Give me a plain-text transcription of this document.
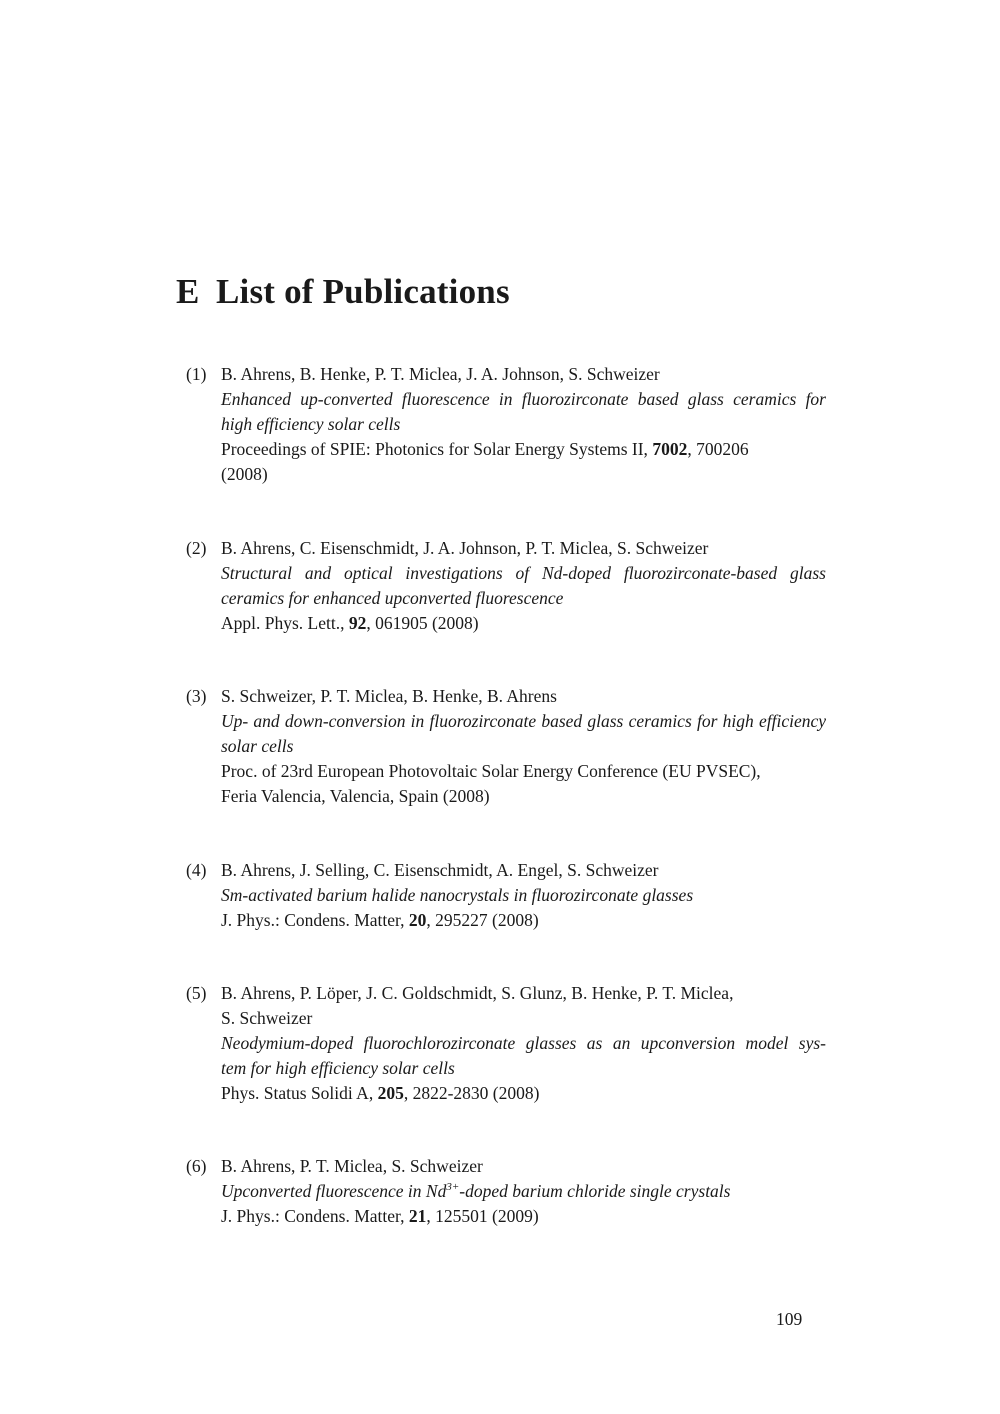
E List of Publications
(1) B. Ahrens, B. Henke, P. T. Miclea, J. A. Johnson, S. Schweizer
Enhanced up-converted fluorescence in fluorozirconate based glass ceramics for
high efficiency solar cells
Proceedings of SPIE: Photonics for Solar Energy Systems II, 7002, 700206
(2008)
(2) B. Ahrens, C. Eisenschmidt, J. A. Johnson, P. T. Miclea, S. Schweizer
Structural and optical investigations of Nd-doped fluorozirconate-based glass
ceramics for enhanced upconverted fluorescence
Appl. Phys. Lett., 92, 061905 (2008)
(3) S. Schweizer, P. T. Miclea, B. Henke, B. Ahrens
Up- and down-conversion in fluorozirconate based glass ceramics for high efficiency
solar cells
Proc. of 23rd European Photovoltaic Solar Energy Conference (EU PVSEC),
Feria Valencia, Valencia, Spain (2008)
(4) B. Ahrens, J. Selling, C. Eisenschmidt, A. Engel, S. Schweizer
Sm-activated barium halide nanocrystals in fluorozirconate glasses
J. Phys.: Condens. Matter, 20, 295227 (2008)
(5) B. Ahrens, P. Löper, J. C. Goldschmidt, S. Glunz, B. Henke, P. T. Miclea,
S. Schweizer
Neodymium-doped fluorochlorozirconate glasses as an upconversion model sys-
tem for high efficiency solar cells
Phys. Status Solidi A, 205, 2822-2830 (2008)
(6) B. Ahrens, P. T. Miclea, S. Schweizer
Upconverted fluorescence in $Nd^{3+}$-doped barium chloride single crystals
J. Phys.: Condens. Matter, 21, 125501 (2009)
109
